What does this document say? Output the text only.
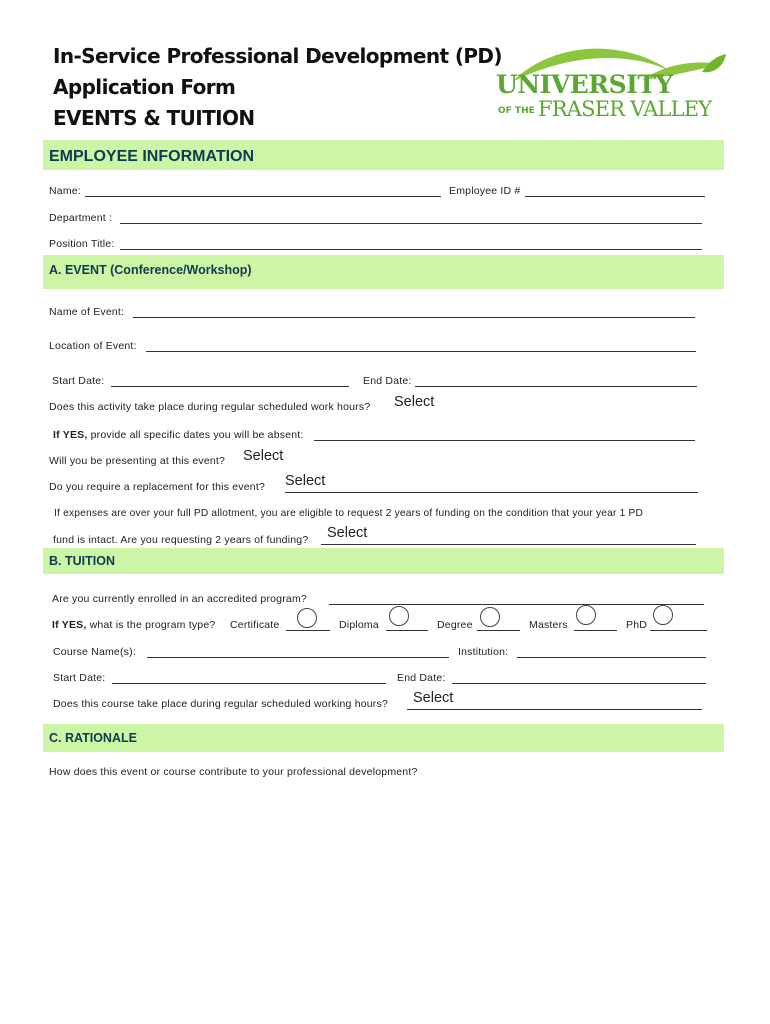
In-Service Professional Development (PD)
Application Form
EVENTS & TUITION
UNIVERSITY
OF THE FRASER VALLEY
EMPLOYEE INFORMATION
Name:	Employee ID #
Department :
Position Title:
A. EVENT (Conference/Workshop)
Name of Event:
Location of Event:
Start Date:	End Date:
Does this activity take place during regular scheduled work hours? Select
If YES, provide all specific dates you will be absent:
Will you be presenting at this event? Select
Do you require a replacement for this event? Select
If expenses are over your full PD allotment, you are eligible to request 2 years of funding on the condition that your year 1 PD
fund is intact. Are you requesting 2 years of funding? Select
B. TUITION
Are you currently enrolled in an accredited program?
If YES, what is the program type? Certificate	Diploma	Degree	Masters	PhD
Course Name(s):	Institution:
Start Date:	End Date:
Does this course take place during regular scheduled working hours? Select
C. RATIONALE
How does this event or course contribute to your professional development?
